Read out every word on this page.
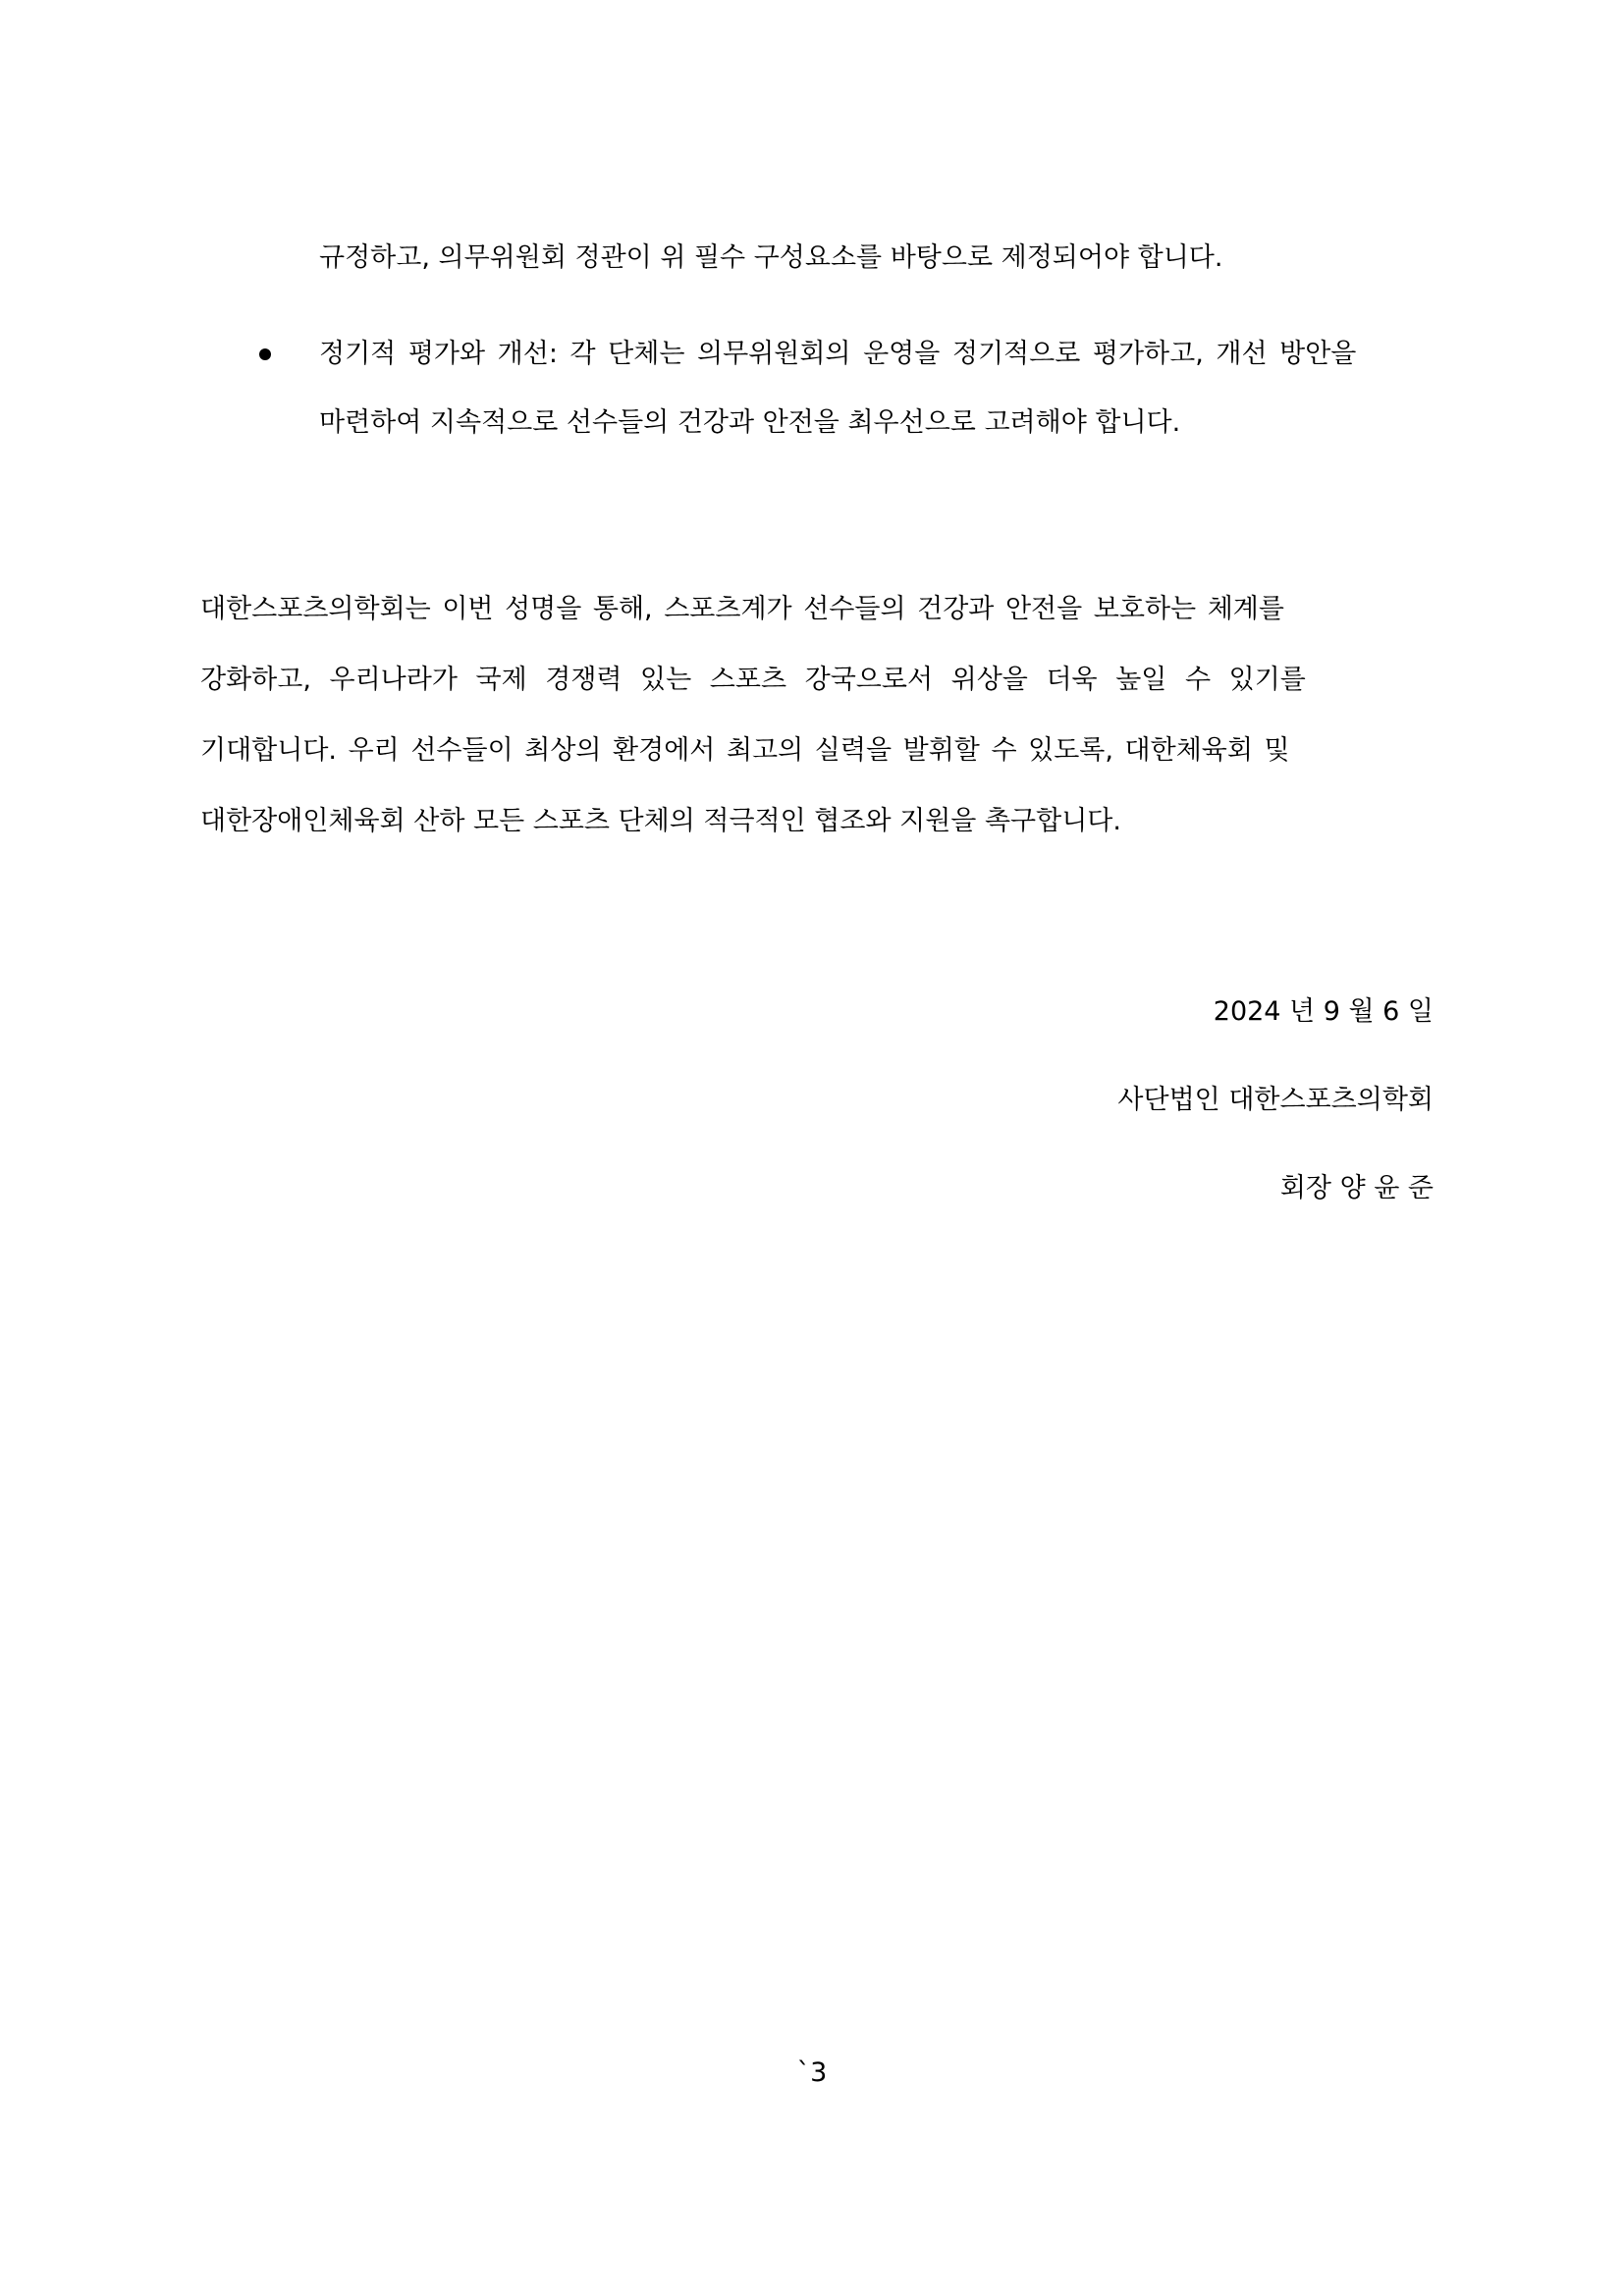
규정하고, 의무위원회 정관이 위 필수 구성요소를 바탕으로 제정되어야 합니다.

정기적 평가와 개선: 각 단체는 의무위원회의 운영을 정기적으로 평가하고, 개선 방안을

마련하여 지속적으로 선수들의 건강과 안전을 최우선으로 고려해야 합니다.

대한스포츠의학회는 이번 성명을 통해, 스포츠계가 선수들의 건강과 안전을 보호하는 체계를

강화하고, 우리나라가 국제 경쟁력 있는 스포츠 강국으로서 위상을 더욱 높일 수 있기를

기대합니다. 우리 선수들이 최상의 환경에서 최고의 실력을 발휘할 수 있도록, 대한체육회 및

대한장애인체육회 산하 모든 스포츠 단체의 적극적인 협조와 지원을 촉구합니다.

2024 년 9 월 6 일

사단법인 대한스포츠의학회

회장 양 윤 준

`3
